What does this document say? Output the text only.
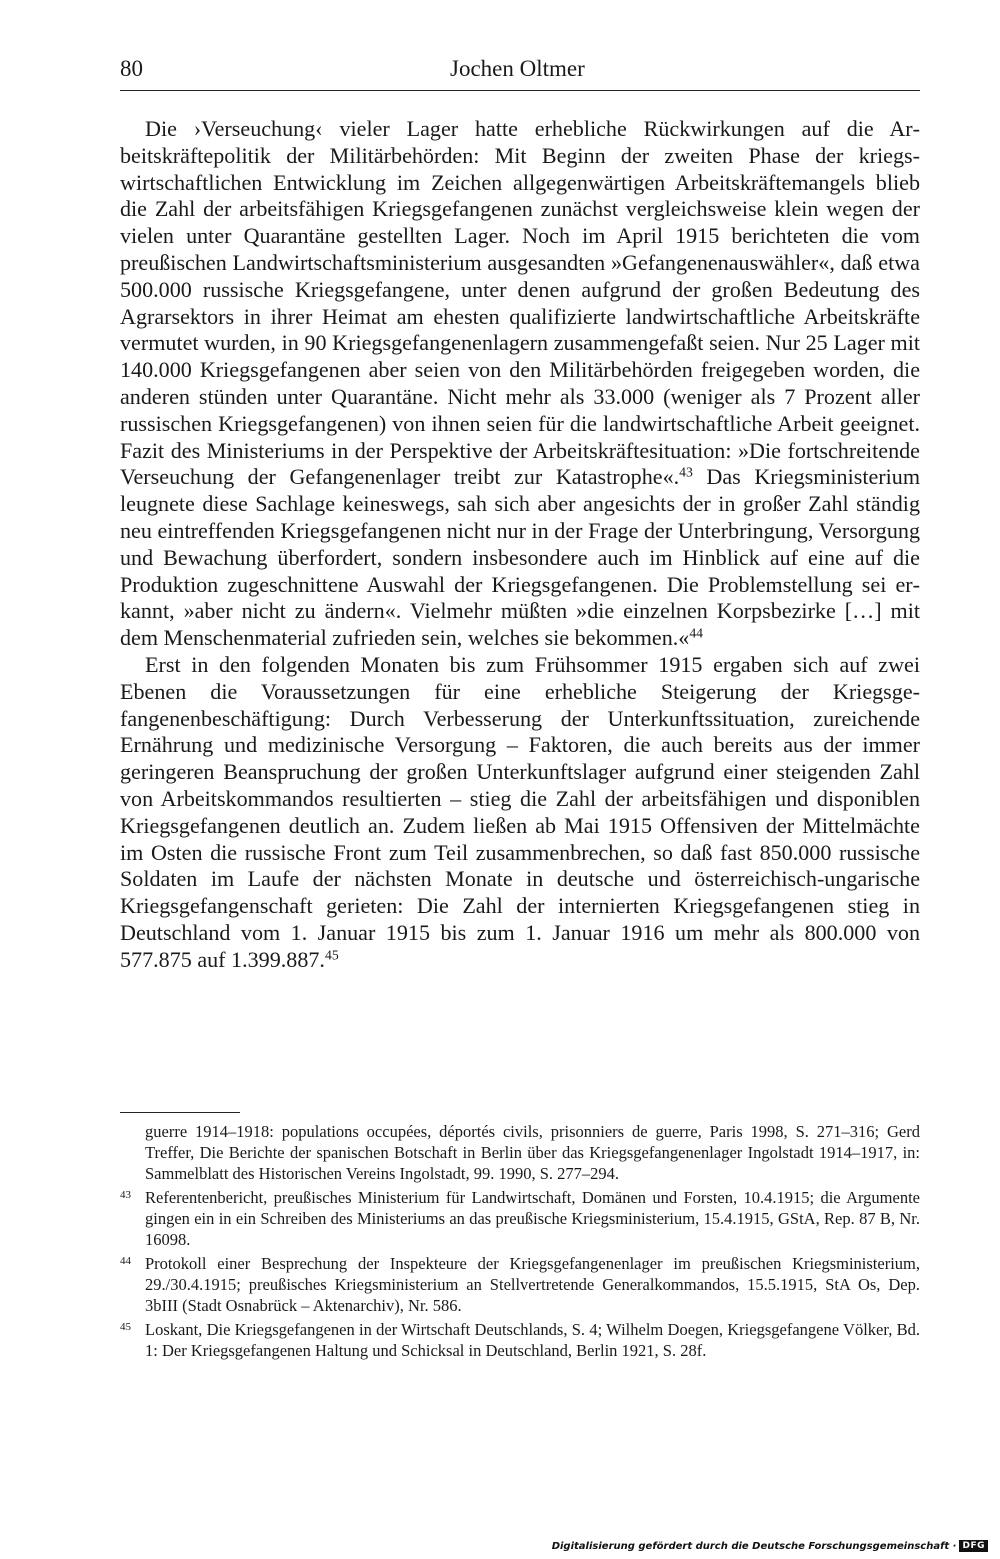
80	Jochen Oltmer

Die ›Verseuchung‹ vieler Lager hatte erhebliche Rückwirkungen auf die Arbeitskräftepolitik der Militärbehörden: Mit Beginn der zweiten Phase der kriegswirtschaftlichen Entwicklung im Zeichen allgegenwärtigen Arbeitskräftemangels blieb die Zahl der arbeitsfähigen Kriegsgefangenen zunächst vergleichsweise klein wegen der vielen unter Quarantäne gestellten Lager. Noch im April 1915 berichteten die vom preußischen Landwirtschaftsministerium ausgesandten »Gefangenenauswähler«, daß etwa 500.000 russische Kriegsgefangene, unter denen aufgrund der großen Bedeutung des Agrarsektors in ihrer Heimat am ehesten qualifizierte landwirtschaftliche Arbeitskräfte vermutet wurden, in 90 Kriegsgefangenenlagern zusammengefaßt seien. Nur 25 Lager mit 140.000 Kriegsgefangenen aber seien von den Militärbehörden freigegeben worden, die anderen stünden unter Quarantäne. Nicht mehr als 33.000 (weniger als 7 Prozent aller russischen Kriegsgefangenen) von ihnen seien für die landwirtschaftliche Arbeit geeignet. Fazit des Ministeriums in der Perspektive der Arbeitskräftesituation: »Die fortschreitende Verseuchung der Gefangenenlager treibt zur Katastrophe«.$^{43}$ Das Kriegsministerium leugnete diese Sachlage keineswegs, sah sich aber angesichts der in großer Zahl ständig neu eintreffenden Kriegsgefangenen nicht nur in der Frage der Unterbringung, Versorgung und Bewachung überfordert, sondern insbesondere auch im Hinblick auf eine auf die Produktion zugeschnittene Auswahl der Kriegsgefangenen. Die Problemstellung sei erkannt, »aber nicht zu ändern«. Vielmehr müßten »die einzelnen Korpsbezirke […] mit dem Menschenmaterial zufrieden sein, welches sie bekommen.«$^{44}$

Erst in den folgenden Monaten bis zum Frühsommer 1915 ergaben sich auf zwei Ebenen die Voraussetzungen für eine erhebliche Steigerung der Kriegsgefangenenbeschäftigung: Durch Verbesserung der Unterkunftssituation, zureichende Ernährung und medizinische Versorgung – Faktoren, die auch bereits aus der immer geringeren Beanspruchung der großen Unterkunftslager aufgrund einer steigenden Zahl von Arbeitskommandos resultierten – stieg die Zahl der arbeitsfähigen und disponiblen Kriegsgefangenen deutlich an. Zudem ließen ab Mai 1915 Offensiven der Mittelmächte im Osten die russische Front zum Teil zusammenbrechen, so daß fast 850.000 russische Soldaten im Laufe der nächsten Monate in deutsche und österreichisch-ungarische Kriegsgefangenschaft gerieten: Die Zahl der internierten Kriegsgefangenen stieg in Deutschland vom 1. Januar 1915 bis zum 1. Januar 1916 um mehr als 800.000 von 577.875 auf 1.399.887.45

guerre 1914–1918: populations occupées, déportés civils, prisonniers de guerre, Paris 1998, S. 271–316; Gerd Treffer, Die Berichte der spanischen Botschaft in Berlin über das Kriegsgefangenenlager Ingolstadt 1914–1917, in: Sammelblatt des Historischen Vereins Ingolstadt, 99. 1990, S. 277–294.
43 Referentenbericht, preußisches Ministerium für Landwirtschaft, Domänen und Forsten, 10.4.1915; die Argumente gingen ein in ein Schreiben des Ministeriums an das preußische Kriegsministerium, 15.4.1915, GStA, Rep. 87 B, Nr. 16098.
44 Protokoll einer Besprechung der Inspekteure der Kriegsgefangenenlager im preußischen Kriegsministerium, 29./30.4.1915; preußisches Kriegsministerium an Stellvertretende Generalkommandos, 15.5.1915, StA Os, Dep. 3bIII (Stadt Osnabrück – Aktenarchiv), Nr. 586.
45 Loskant, Die Kriegsgefangenen in der Wirtschaft Deutschlands, S. 4; Wilhelm Doegen, Kriegsgefangene Völker, Bd. 1: Der Kriegsgefangenen Haltung und Schicksal in Deutschland, Berlin 1921, S. 28f.
Digitalisierung gefördert durch die Deutsche Forschungsgemeinschaft · DFG
